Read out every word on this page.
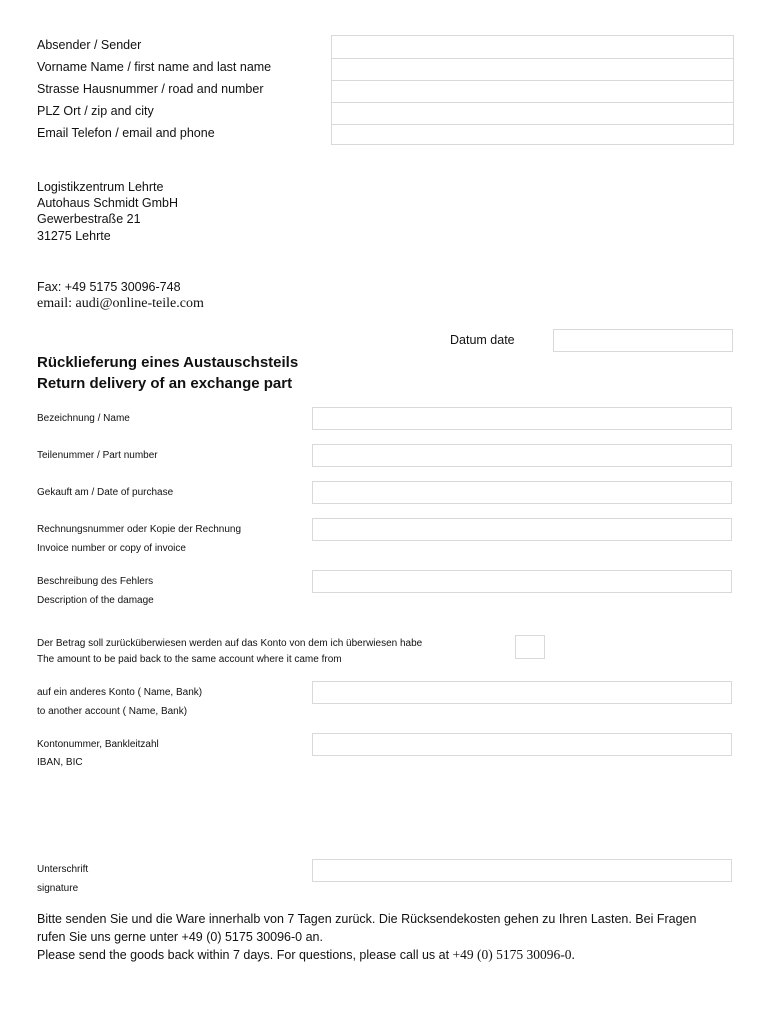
Absender / Sender
Vorname Name / first name and last name
Strasse Hausnummer / road and number
PLZ Ort / zip and city
Email Telefon / email and phone
Logistikzentrum Lehrte
Autohaus Schmidt GmbH
Gewerbestraße 21
31275 Lehrte
Fax: +49 5175 30096-748
email: audi@online-teile.com
Datum date
Rücklieferung eines Austauschsteils
Return delivery of an exchange part
Bezeichnung / Name
Teilenummer / Part number
Gekauft am / Date of purchase
Rechnungsnummer oder Kopie der Rechnung
Invoice number or copy of invoice
Beschreibung des Fehlers
Description of the damage
Der Betrag soll zurücküberwiesen werden auf das Konto von dem ich überwiesen habe
The amount to be paid back to the same account where it came from
auf ein anderes Konto ( Name, Bank)
to another account ( Name, Bank)
Kontonummer, Bankleitzahl
IBAN, BIC
Unterschrift
signature
Bitte senden Sie und die Ware innerhalb von 7 Tagen zurück. Die Rücksendekosten gehen zu Ihren Lasten. Bei Fragen
rufen Sie uns gerne unter +49 (0) 5175 30096-0 an.
Please send the goods back within 7 days. For questions, please call us at +49 (0) 5175 30096-0.
